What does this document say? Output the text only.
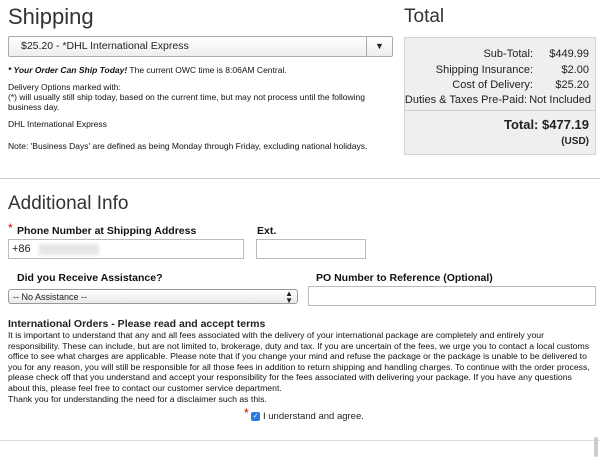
Shipping
$25.20 - *DHL International Express	▼
* Your Order Can Ship Today! The current OWC time is 8:06AM Central.
Delivery Options marked with:
(*) will usually still ship today, based on the current time, but may not process until the following business day.
DHL International Express
Note: 'Business Days' are defined as being Monday through Friday, excluding national holidays.
Total
Sub-Total: $449.99
Shipping Insurance:	$2.00
Cost of Delivery: $25.20
Duties & Taxes Pre-Paid: Not Included
Total: $477.19
(USD)
Additional Info
* Phone Number at Shipping Address
+86
Ext.
Did you Receive Assistance?
-- No Assistance --	▲
▼
PO Number to Reference (Optional)
International Orders - Please read and accept terms
It is important to understand that any and all fees associated with the delivery of your international package are completely and entirely your responsibility. These can include, but are not limited to, brokerage, duty and tax. If you are uncertain of the fees, we urge you to contact a local customs office to see what charges are applicable. Please note that if you change your mind and refuse the package or the package is unable to be delivered to you for any reason, you will still be responsible for all those fees in addition to return shipping and handling charges. To continue with the order process, please check off that you understand and accept your responsibility for the fees associated with delivering your package. If you have any questions about this, please feel free to contact our customer service department.
Thank you for understanding the need for a disclaimer such as this.
* ✓ I understand and agree.
